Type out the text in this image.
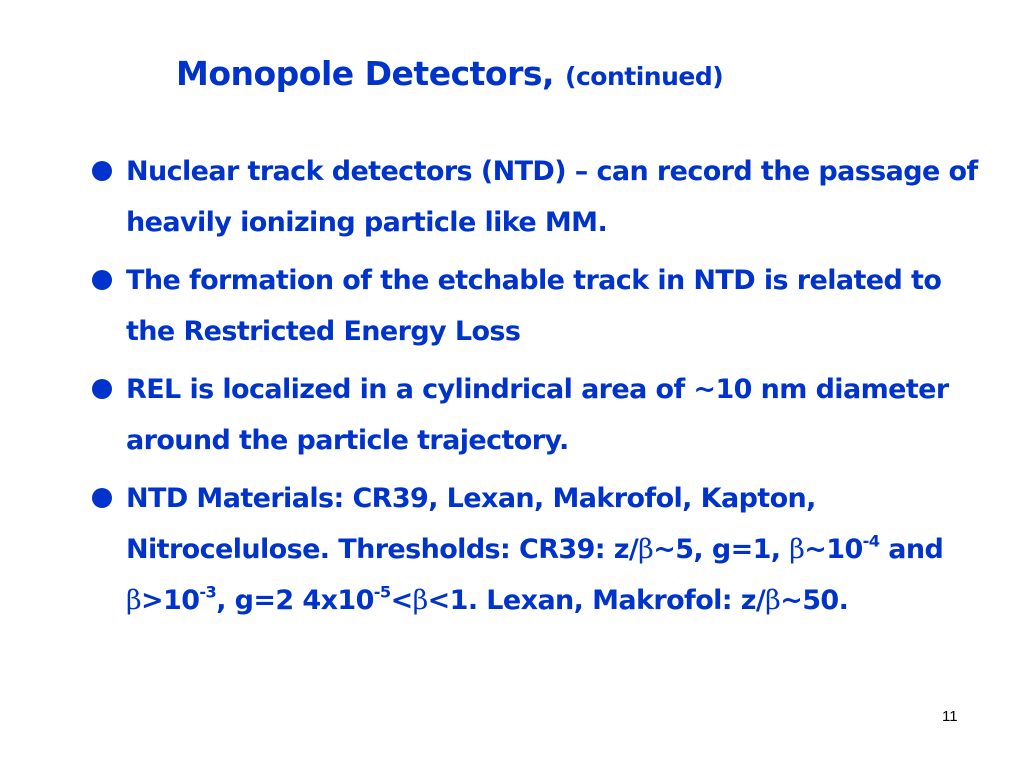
Monopole Detectors, (continued)
Nuclear track detectors (NTD) – can record the passage of heavily ionizing particle like MM.
The formation of the etchable track in NTD is related to the Restricted Energy Loss
REL is localized in a cylindrical area of ~10 nm diameter around the particle trajectory.
NTD Materials: CR39, Lexan, Makrofol, Kapton, Nitrocelulose. Thresholds: CR39: z/β~5, g=1, $\beta\sim 10^{-4}$ and $\beta>10^{-3}$, g=2 $4x10^{-5}<\beta<1$. Lexan, Makrofol: z/β~50.
11
